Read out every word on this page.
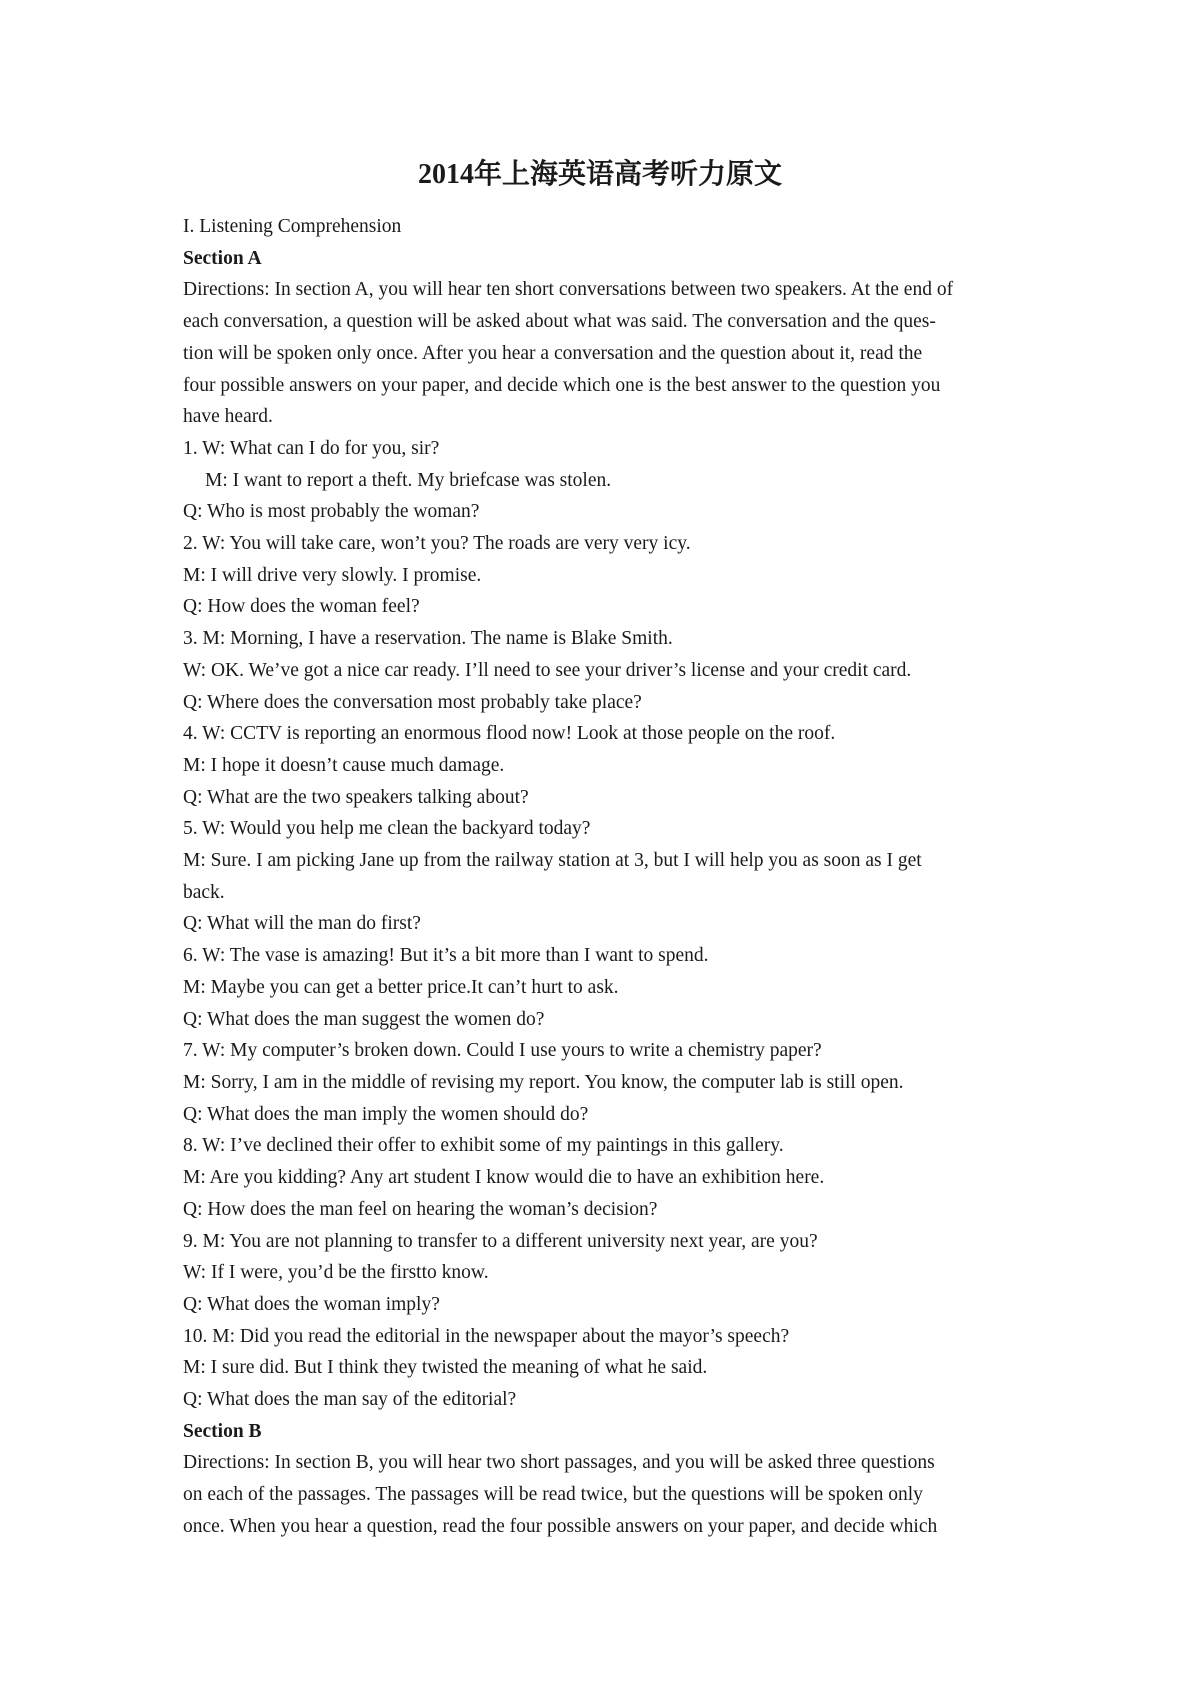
2014年上海英语高考听力原文

I. Listening Comprehension

Section A

Directions: In section A, you will hear ten short conversations between two speakers. At the end of

each conversation, a question will be asked about what was said. The conversation and the ques-

tion will be spoken only once. After you hear a conversation and the question about it, read the

four possible answers on your paper, and decide which one is the best answer to the question you

have heard.

1. W: What can I do for you, sir?

M: I want to report a theft. My briefcase was stolen.

Q: Who is most probably the woman?

2. W: You will take care, won’t you? The roads are very very icy.

M: I will drive very slowly. I promise.

Q: How does the woman feel?

3. M: Morning, I have a reservation. The name is Blake Smith.

W: OK. We’ve got a nice car ready. I’ll need to see your driver’s license and your credit card.

Q: Where does the conversation most probably take place?

4. W: CCTV is reporting an enormous flood now! Look at those people on the roof.

M: I hope it doesn’t cause much damage.

Q: What are the two speakers talking about?

5. W: Would you help me clean the backyard today?

M: Sure. I am picking Jane up from the railway station at 3, but I will help you as soon as I get

back.

Q: What will the man do first?

6. W: The vase is amazing! But it’s a bit more than I want to spend.

M: Maybe you can get a better price.It can’t hurt to ask.

Q: What does the man suggest the women do?

7. W: My computer’s broken down. Could I use yours to write a chemistry paper?

M: Sorry, I am in the middle of revising my report. You know, the computer lab is still open.

Q: What does the man imply the women should do?

8. W: I’ve declined their offer to exhibit some of my paintings in this gallery.

M: Are you kidding? Any art student I know would die to have an exhibition here.

Q: How does the man feel on hearing the woman’s decision?

9. M: You are not planning to transfer to a different university next year, are you?

W: If I were, you’d be the firstto know.

Q: What does the woman imply?

10. M: Did you read the editorial in the newspaper about the mayor’s speech?

M: I sure did. But I think they twisted the meaning of what he said.

Q: What does the man say of the editorial?

Section B

Directions: In section B, you will hear two short passages, and you will be asked three questions

on each of the passages. The passages will be read twice, but the questions will be spoken only

once. When you hear a question, read the four possible answers on your paper, and decide which
